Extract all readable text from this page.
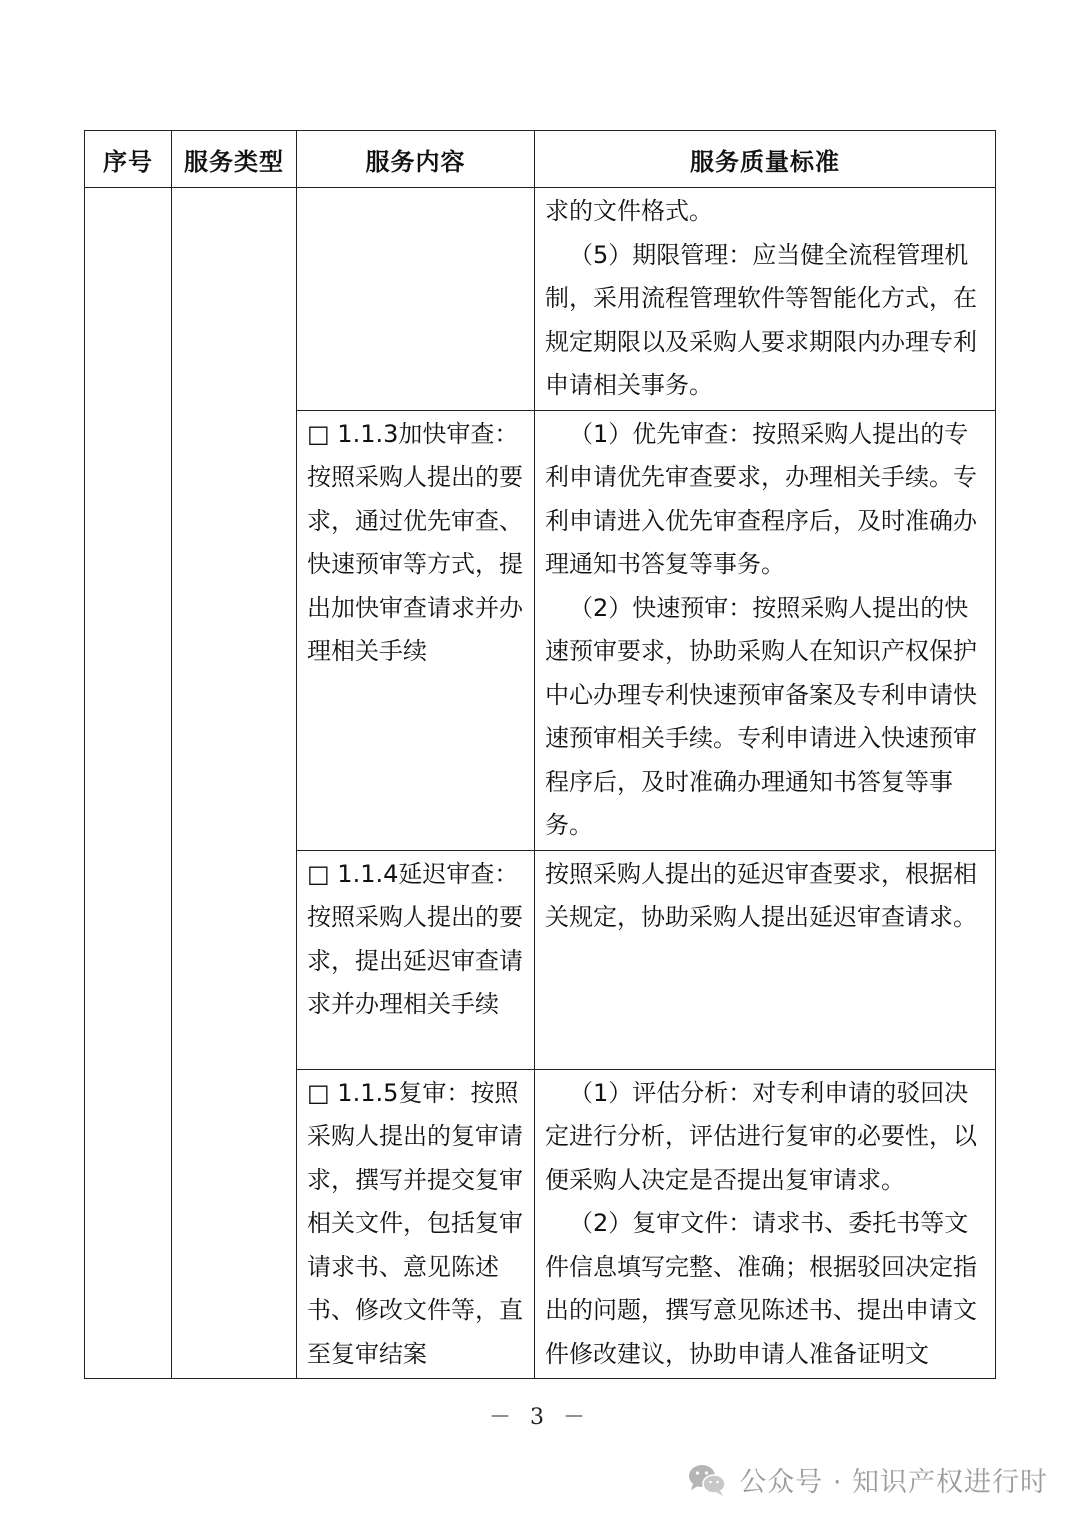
序号	服务类型	服务内容	服务质量标准

			求的文件格式。

（5）期限管理：应当健全流程管理机制，采用流程管理软件等智能化方式，在规定期限以及采购人要求期限内办理专利申请相关事务。

		□ 1.1.3加快审查：按照采购人提出的要求，通过优先审查、快速预审等方式，提出加快审查请求并办理相关手续	（1）优先审查：按照采购人提出的专利申请优先审查要求，办理相关手续。专利申请进入优先审查程序后，及时准确办理通知书答复等事务。

（2）快速预审：按照采购人提出的快速预审要求，协助采购人在知识产权保护中心办理专利快速预审备案及专利申请快速预审相关手续。专利申请进入快速预审程序后，及时准确办理通知书答复等事务。

		□ 1.1.4延迟审查：按照采购人提出的要求，提出延迟审查请求并办理相关手续	按照采购人提出的延迟审查要求，根据相关规定，协助采购人提出延迟审查请求。

		□ 1.1.5复审：按照采购人提出的复审请求，撰写并提交复审相关文件，包括复审请求书、意见陈述书、修改文件等，直至复审结案	（1）评估分析：对专利申请的驳回决定进行分析，评估进行复审的必要性，以便采购人决定是否提出复审请求。

（2）复审文件：请求书、委托书等文件信息填写完整、准确；根据驳回决定指出的问题，撰写意见陈述书、提出申请文件修改建议，协助申请人准备证明文

－ 3 －
公众号 · 知识产权进行时
